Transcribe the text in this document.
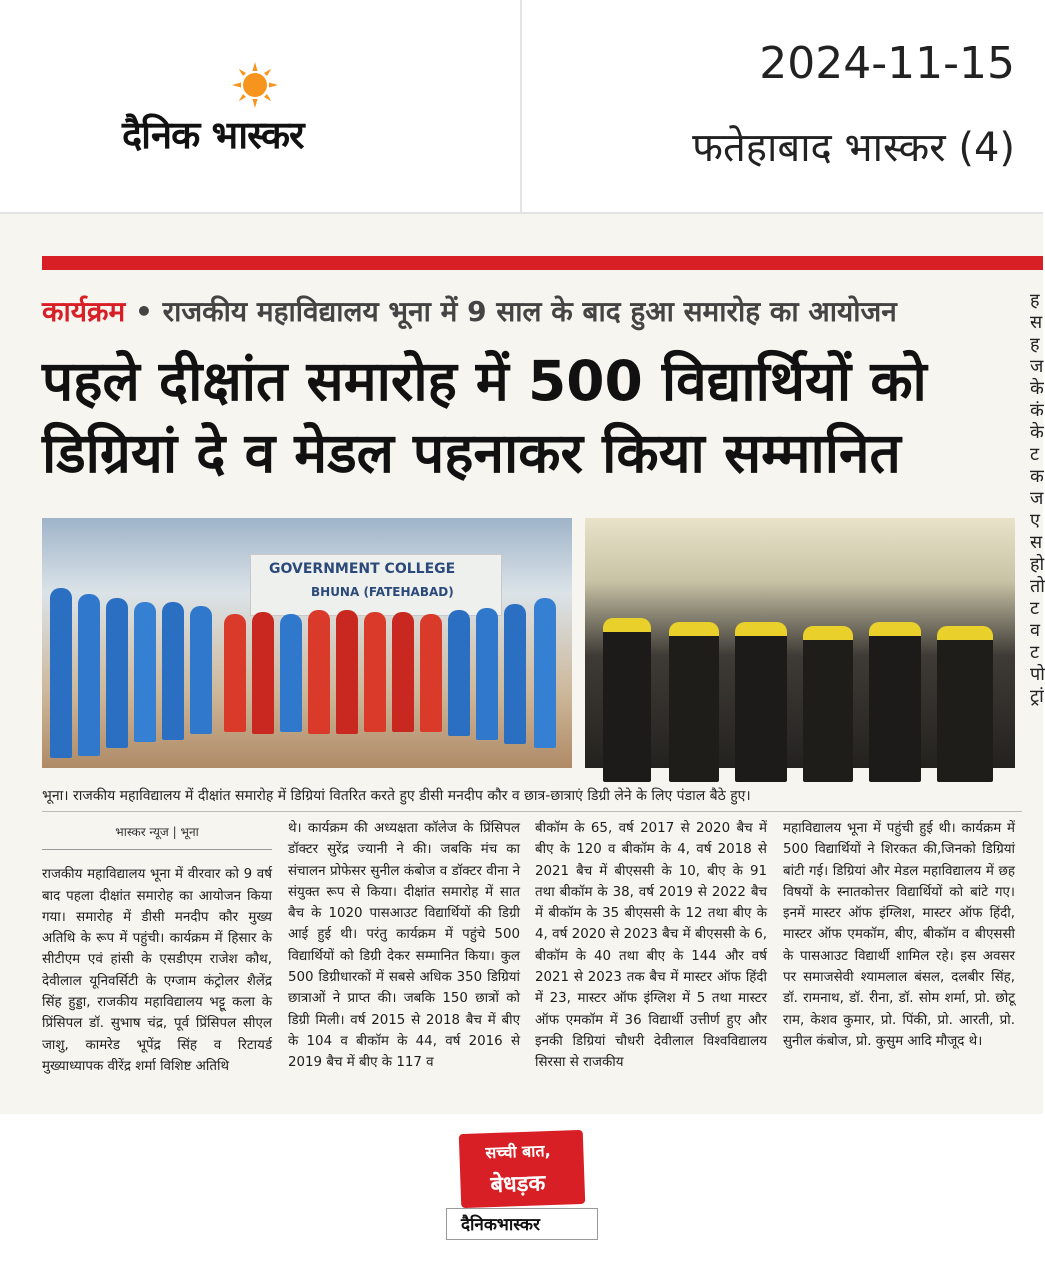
दैनिक भास्कर
2024-11-15
फतेहाबाद भास्कर (4)
कार्यक्रम • राजकीय महाविद्यालय भूना में 9 साल के बाद हुआ समारोह का आयोजन
पहले दीक्षांत समारोह में 500 विद्यार्थियों को
डिग्रियां दे व मेडल पहनाकर किया सम्मानित
ह स ह ज के कं के ट क ज ए स हो तो ट व ट पो ट्रां
GOVERNMENT COLLEGE
BHUNA (FATEHABAD)
भूना। राजकीय महाविद्यालय में दीक्षांत समारोह में डिग्रियां वितरित करते हुए डीसी मनदीप कौर व छात्र-छात्राएं डिग्री लेने के लिए पंडाल बैठे हुए।
भास्कर न्यूज | भूना
राजकीय महाविद्यालय भूना में वीरवार को 9 वर्ष बाद पहला दीक्षांत समारोह का आयोजन किया गया। समारोह में डीसी मनदीप कौर मुख्य अतिथि के रूप में पहुंची। कार्यक्रम में हिसार के सीटीएम एवं हांसी के एसडीएम राजेश कौथ, देवीलाल यूनिवर्सिटी के एग्जाम कंट्रोलर शैलेंद्र सिंह हुड्डा, राजकीय महाविद्यालय भट्टू कला के प्रिंसिपल डॉ. सुभाष चंद्र, पूर्व प्रिंसिपल सीएल जाशु, कामरेड भूपेंद्र सिंह व रिटायर्ड मुख्याध्यापक वीरेंद्र शर्मा विशिष्ट अतिथि
थे। कार्यक्रम की अध्यक्षता कॉलेज के प्रिंसिपल डॉक्टर सुरेंद्र ज्यानी ने की। जबकि मंच का संचालन प्रोफेसर सुनील कंबोज व डॉक्टर वीना ने संयुक्त रूप से किया। दीक्षांत समारोह में सात बैच के 1020 पासआउट विद्यार्थियों की डिग्री आई हुई थी। परंतु कार्यक्रम में पहुंचे 500 विद्यार्थियों को डिग्री देकर सम्मानित किया। कुल 500 डिग्रीधारकों में सबसे अधिक 350 डिग्रियां छात्राओं ने प्राप्त की। जबकि 150 छात्रों को डिग्री मिली। वर्ष 2015 से 2018 बैच में बीए के 104 व बीकॉम के 44, वर्ष 2016 से 2019 बैच में बीए के 117 व
बीकॉम के 65, वर्ष 2017 से 2020 बैच में बीए के 120 व बीकॉम के 4, वर्ष 2018 से 2021 बैच में बीएससी के 10, बीए के 91 तथा बीकॉम के 38, वर्ष 2019 से 2022 बैच में बीकॉम के 35 बीएससी के 12 तथा बीए के 4, वर्ष 2020 से 2023 बैच में बीएससी के 6, बीकॉम के 40 तथा बीए के 144 और वर्ष 2021 से 2023 तक बैच में मास्टर ऑफ हिंदी में 23, मास्टर ऑफ इंग्लिश में 5 तथा मास्टर ऑफ एमकॉम में 36 विद्यार्थी उत्तीर्ण हुए और इनकी डिग्रियां चौधरी देवीलाल विश्वविद्यालय सिरसा से राजकीय
महाविद्यालय भूना में पहुंची हुई थी। कार्यक्रम में 500 विद्यार्थियों ने शिरकत की,जिनको डिग्रियां बांटी गई। डिग्रियां और मेडल महाविद्यालय में छह विषयों के स्नातकोत्तर विद्यार्थियों को बांटे गए। इनमें मास्टर ऑफ इंग्लिश, मास्टर ऑफ हिंदी, मास्टर ऑफ एमकॉम, बीए, बीकॉम व बीएससी के पासआउट विद्यार्थी शामिल रहे। इस अवसर पर समाजसेवी श्यामलाल बंसल, दलबीर सिंह, डॉ. रामनाथ, डॉ. रीना, डॉ. सोम शर्मा, प्रो. छोटू राम, केशव कुमार, प्रो. पिंकी, प्रो. आरती, प्रो. सुनील कंबोज, प्रो. कुसुम आदि मौजूद थे।
सच्ची बात,
बेधड़क
दैनिकभास्कर
